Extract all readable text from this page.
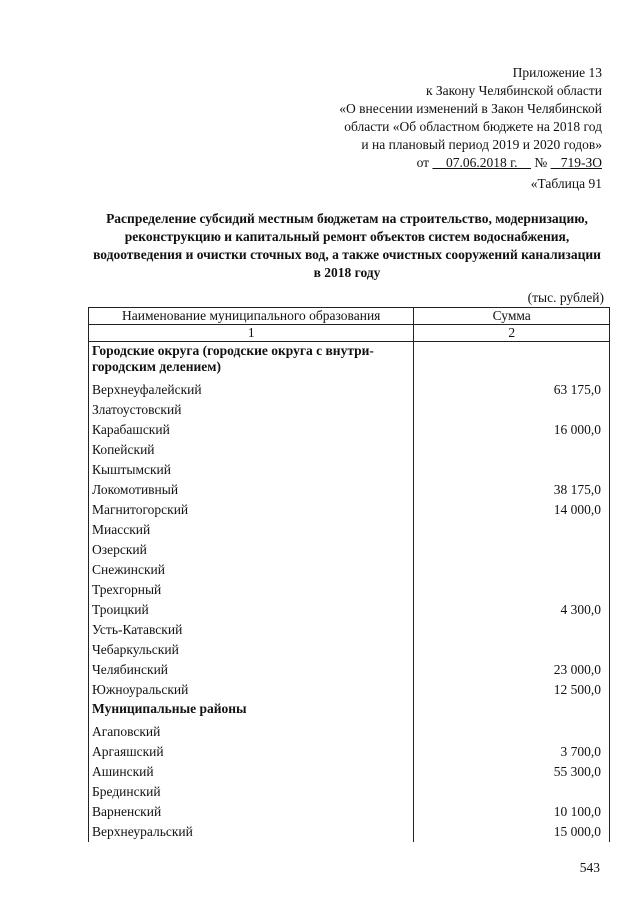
Приложение 13
к Закону Челябинской области
«О внесении изменений в Закон Челябинской
области «Об областном бюджете на 2018 год
и на плановый период 2019 и 2020 годов»
от 07.06.2018 г. № 719-ЗО
«Таблица 91
Распределение субсидий местным бюджетам на строительство, модернизацию, реконструкцию и капитальный ремонт объектов систем водоснабжения, водоотведения и очистки сточных вод, а также очистных сооружений канализации в 2018 году
(тыс. рублей)
Наименование муниципального образования	Сумма
1	2
Городские округа (городские округа с внутри-городским делением)	
Верхнеуфалейский	63 175,0
Златоустовский	
Карабашский	16 000,0
Копейский	
Кыштымский	
Локомотивный	38 175,0
Магнитогорский	14 000,0
Миасский	
Озерский	
Снежинский	
Трехгорный	
Троицкий	4 300,0
Усть-Катавский	
Чебаркульский	
Челябинский	23 000,0
Южноуральский	12 500,0
Муниципальные районы	
Агаповский	
Аргаяшский	3 700,0
Ашинский	55 300,0
Брединский	
Варненский	10 100,0
Верхнеуральский	15 000,0
543
